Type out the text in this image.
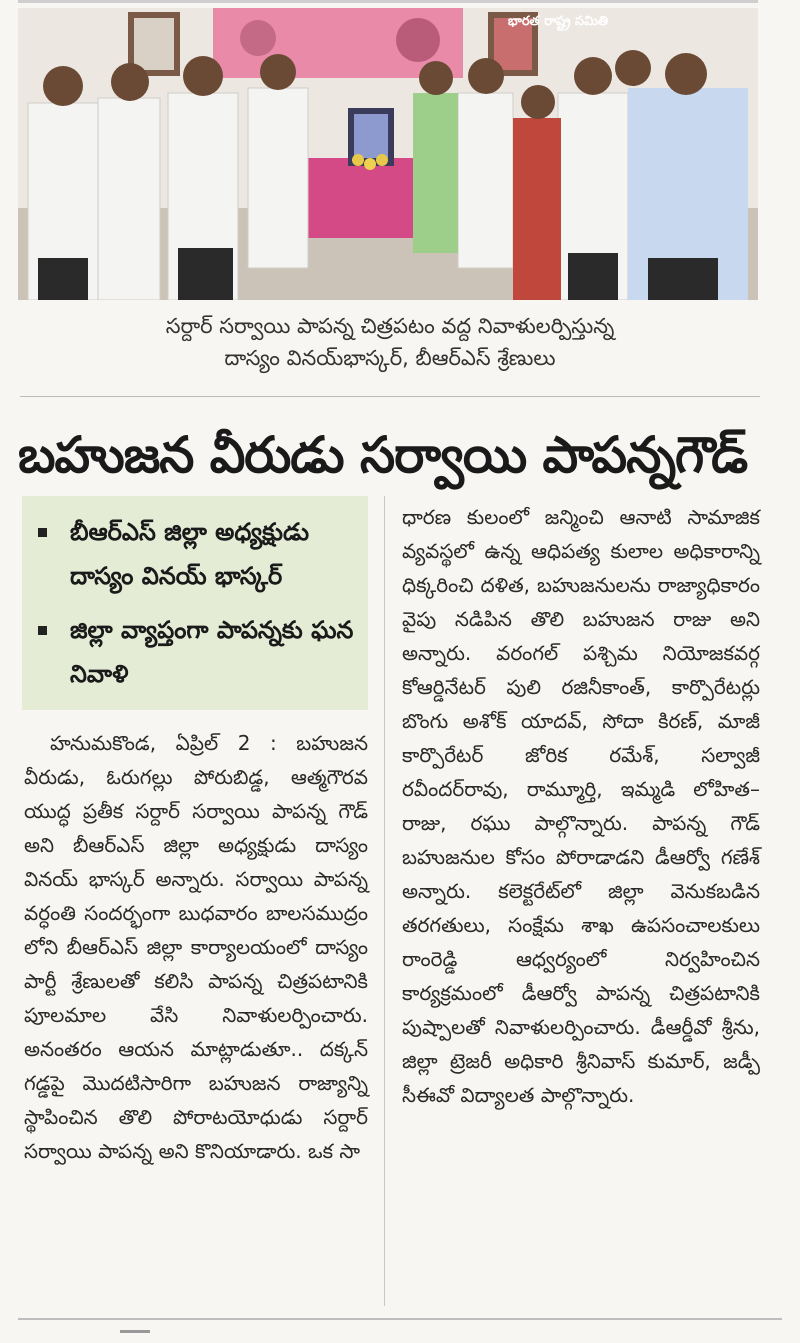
భారత రాష్ట్ర సమితి
సర్దార్ సర్వాయి పాపన్న చిత్రపటం వద్ద నివాళులర్పిస్తున్న
దాస్యం వినయ్‌భాస్కర్, బీఆర్ఎస్ శ్రేణులు
బహుజన వీరుడు సర్వాయి పాపన్నగౌడ్
బీఆర్ఎస్ జిల్లా అధ్యక్షుడు దాస్యం వినయ్ భాస్కర్
జిల్లా వ్యాప్తంగా పాపన్నకు ఘన నివాళి
హనుమకొండ, ఏప్రిల్ 2 : బహుజన వీరుడు, ఓరుగల్లు పోరుబిడ్డ, ఆత్మగౌరవ యుద్ధ ప్రతీక సర్దార్ సర్వాయి పాపన్న గౌడ్ అని బీఆర్ఎస్ జిల్లా అధ్యక్షుడు దాస్యం వినయ్ భాస్కర్ అన్నారు. సర్వాయి పాపన్న వర్ధంతి సందర్భంగా బుధవారం బాలసముద్రం లోని బీఆర్ఎస్ జిల్లా కార్యాలయంలో దాస్యం పార్టీ శ్రేణులతో కలిసి పాపన్న చిత్రపటానికి పూలమాల వేసి నివాళులర్పించారు. అనంతరం ఆయన మాట్లాడుతూ.. దక్కన్ గడ్డపై మొదటిసారిగా బహుజన రాజ్యాన్ని స్థాపించిన తొలి పోరాటయోధుడు సర్దార్ సర్వాయి పాపన్న అని కొనియాడారు. ఒక సా
ధారణ కులంలో జన్మించి ఆనాటి సామాజిక వ్యవస్థలో ఉన్న ఆధిపత్య కులాల అధికారాన్ని ధిక్కరించి దళిత, బహుజనులను రాజ్యాధికారం వైపు నడిపిన తొలి బహుజన రాజు అని అన్నారు. వరంగల్ పశ్చిమ నియోజకవర్గ కోఆర్డినేటర్ పులి రజినీకాంత్, కార్పొరేటర్లు బొంగు అశోక్ యాదవ్, సోదా కిరణ్, మాజీ కార్పొరేటర్ జోరిక రమేశ్, సల్వాజీ రవీందర్‌రావు, రామ్మూర్తి, ఇమ్మడి లోహిత–రాజు, రఘు పాల్గొన్నారు. పాపన్న గౌడ్ బహుజనుల కోసం పోరాడాడని డీఆర్వో గణేశ్ అన్నారు. కలెక్టరేట్‌లో జిల్లా వెనుకబడిన తరగతులు, సంక్షేమ శాఖ ఉపసంచాలకులు రాంరెడ్డి ఆధ్వర్యంలో నిర్వహించిన కార్యక్రమంలో డీఆర్వో పాపన్న చిత్రపటానికి పుష్పాలతో నివాళులర్పించారు. డీఆర్డీవో శ్రీను, జిల్లా ట్రెజరీ అధికారి శ్రీనివాస్ కుమార్, జడ్పీ సీఈవో విద్యాలత పాల్గొన్నారు.
